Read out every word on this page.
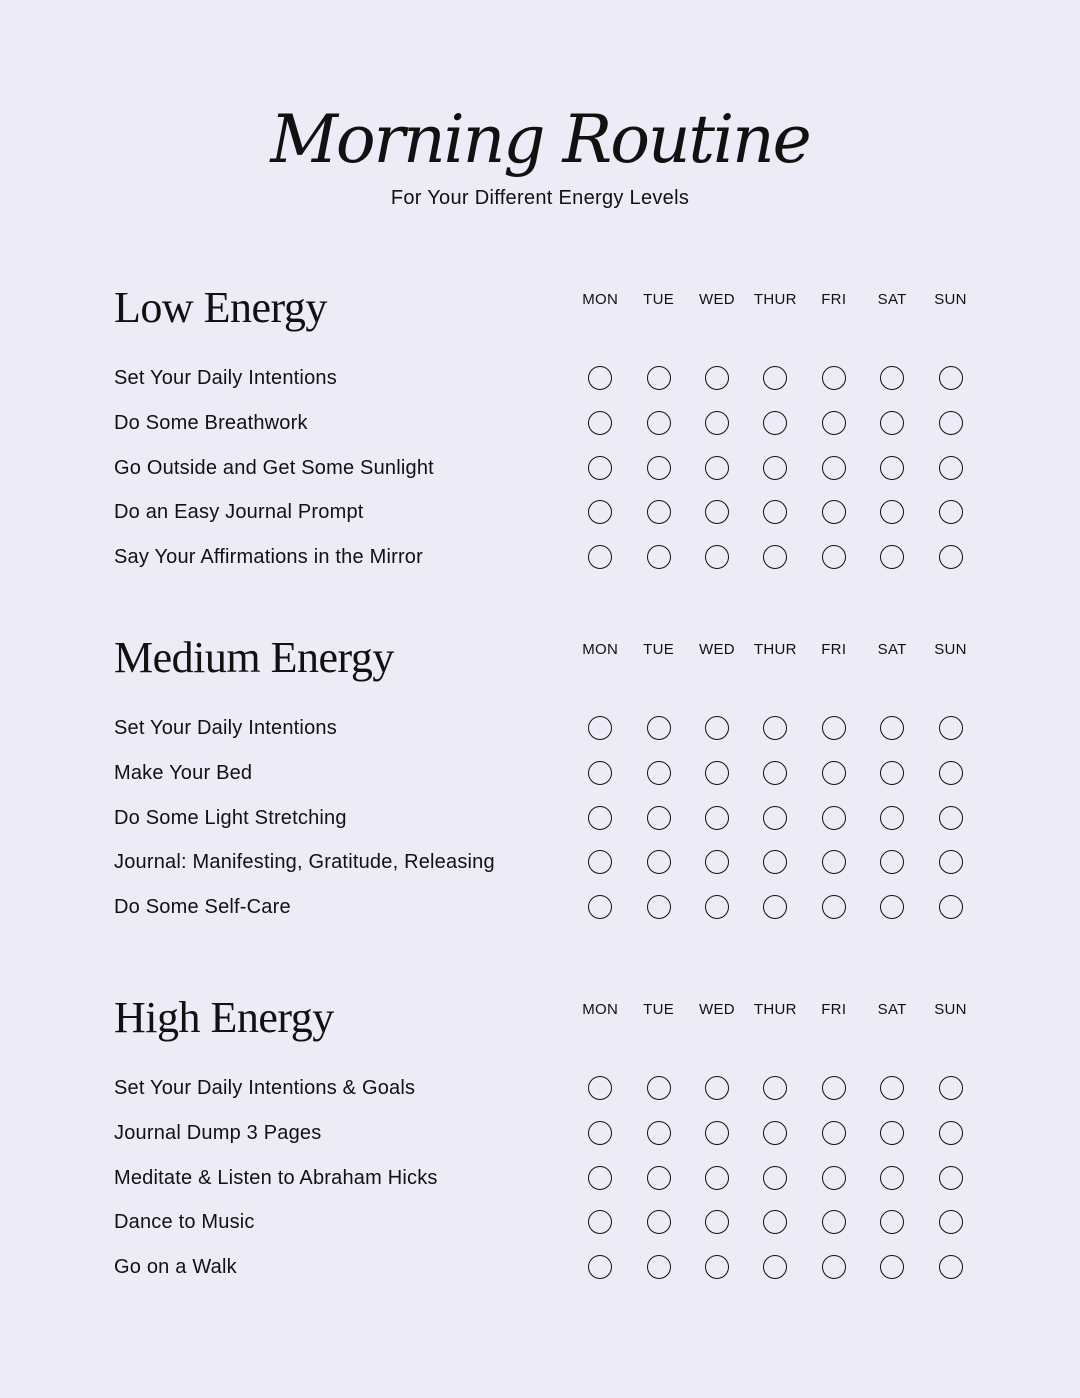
Morning Routine
For Your Different Energy Levels
Low Energy	MON	TUE	WED	THUR	FRI	SAT	SUN
Set Your Daily Intentions
Do Some Breathwork
Go Outside and Get Some Sunlight
Do an Easy Journal Prompt
Say Your Affirmations in the Mirror
Medium Energy	MON	TUE	WED	THUR	FRI	SAT	SUN
Set Your Daily Intentions
Make Your Bed
Do Some Light Stretching
Journal: Manifesting, Gratitude, Releasing
Do Some Self-Care
High Energy	MON	TUE	WED	THUR	FRI	SAT	SUN
Set Your Daily Intentions & Goals
Journal Dump 3 Pages
Meditate & Listen to Abraham Hicks
Dance to Music
Go on a Walk
